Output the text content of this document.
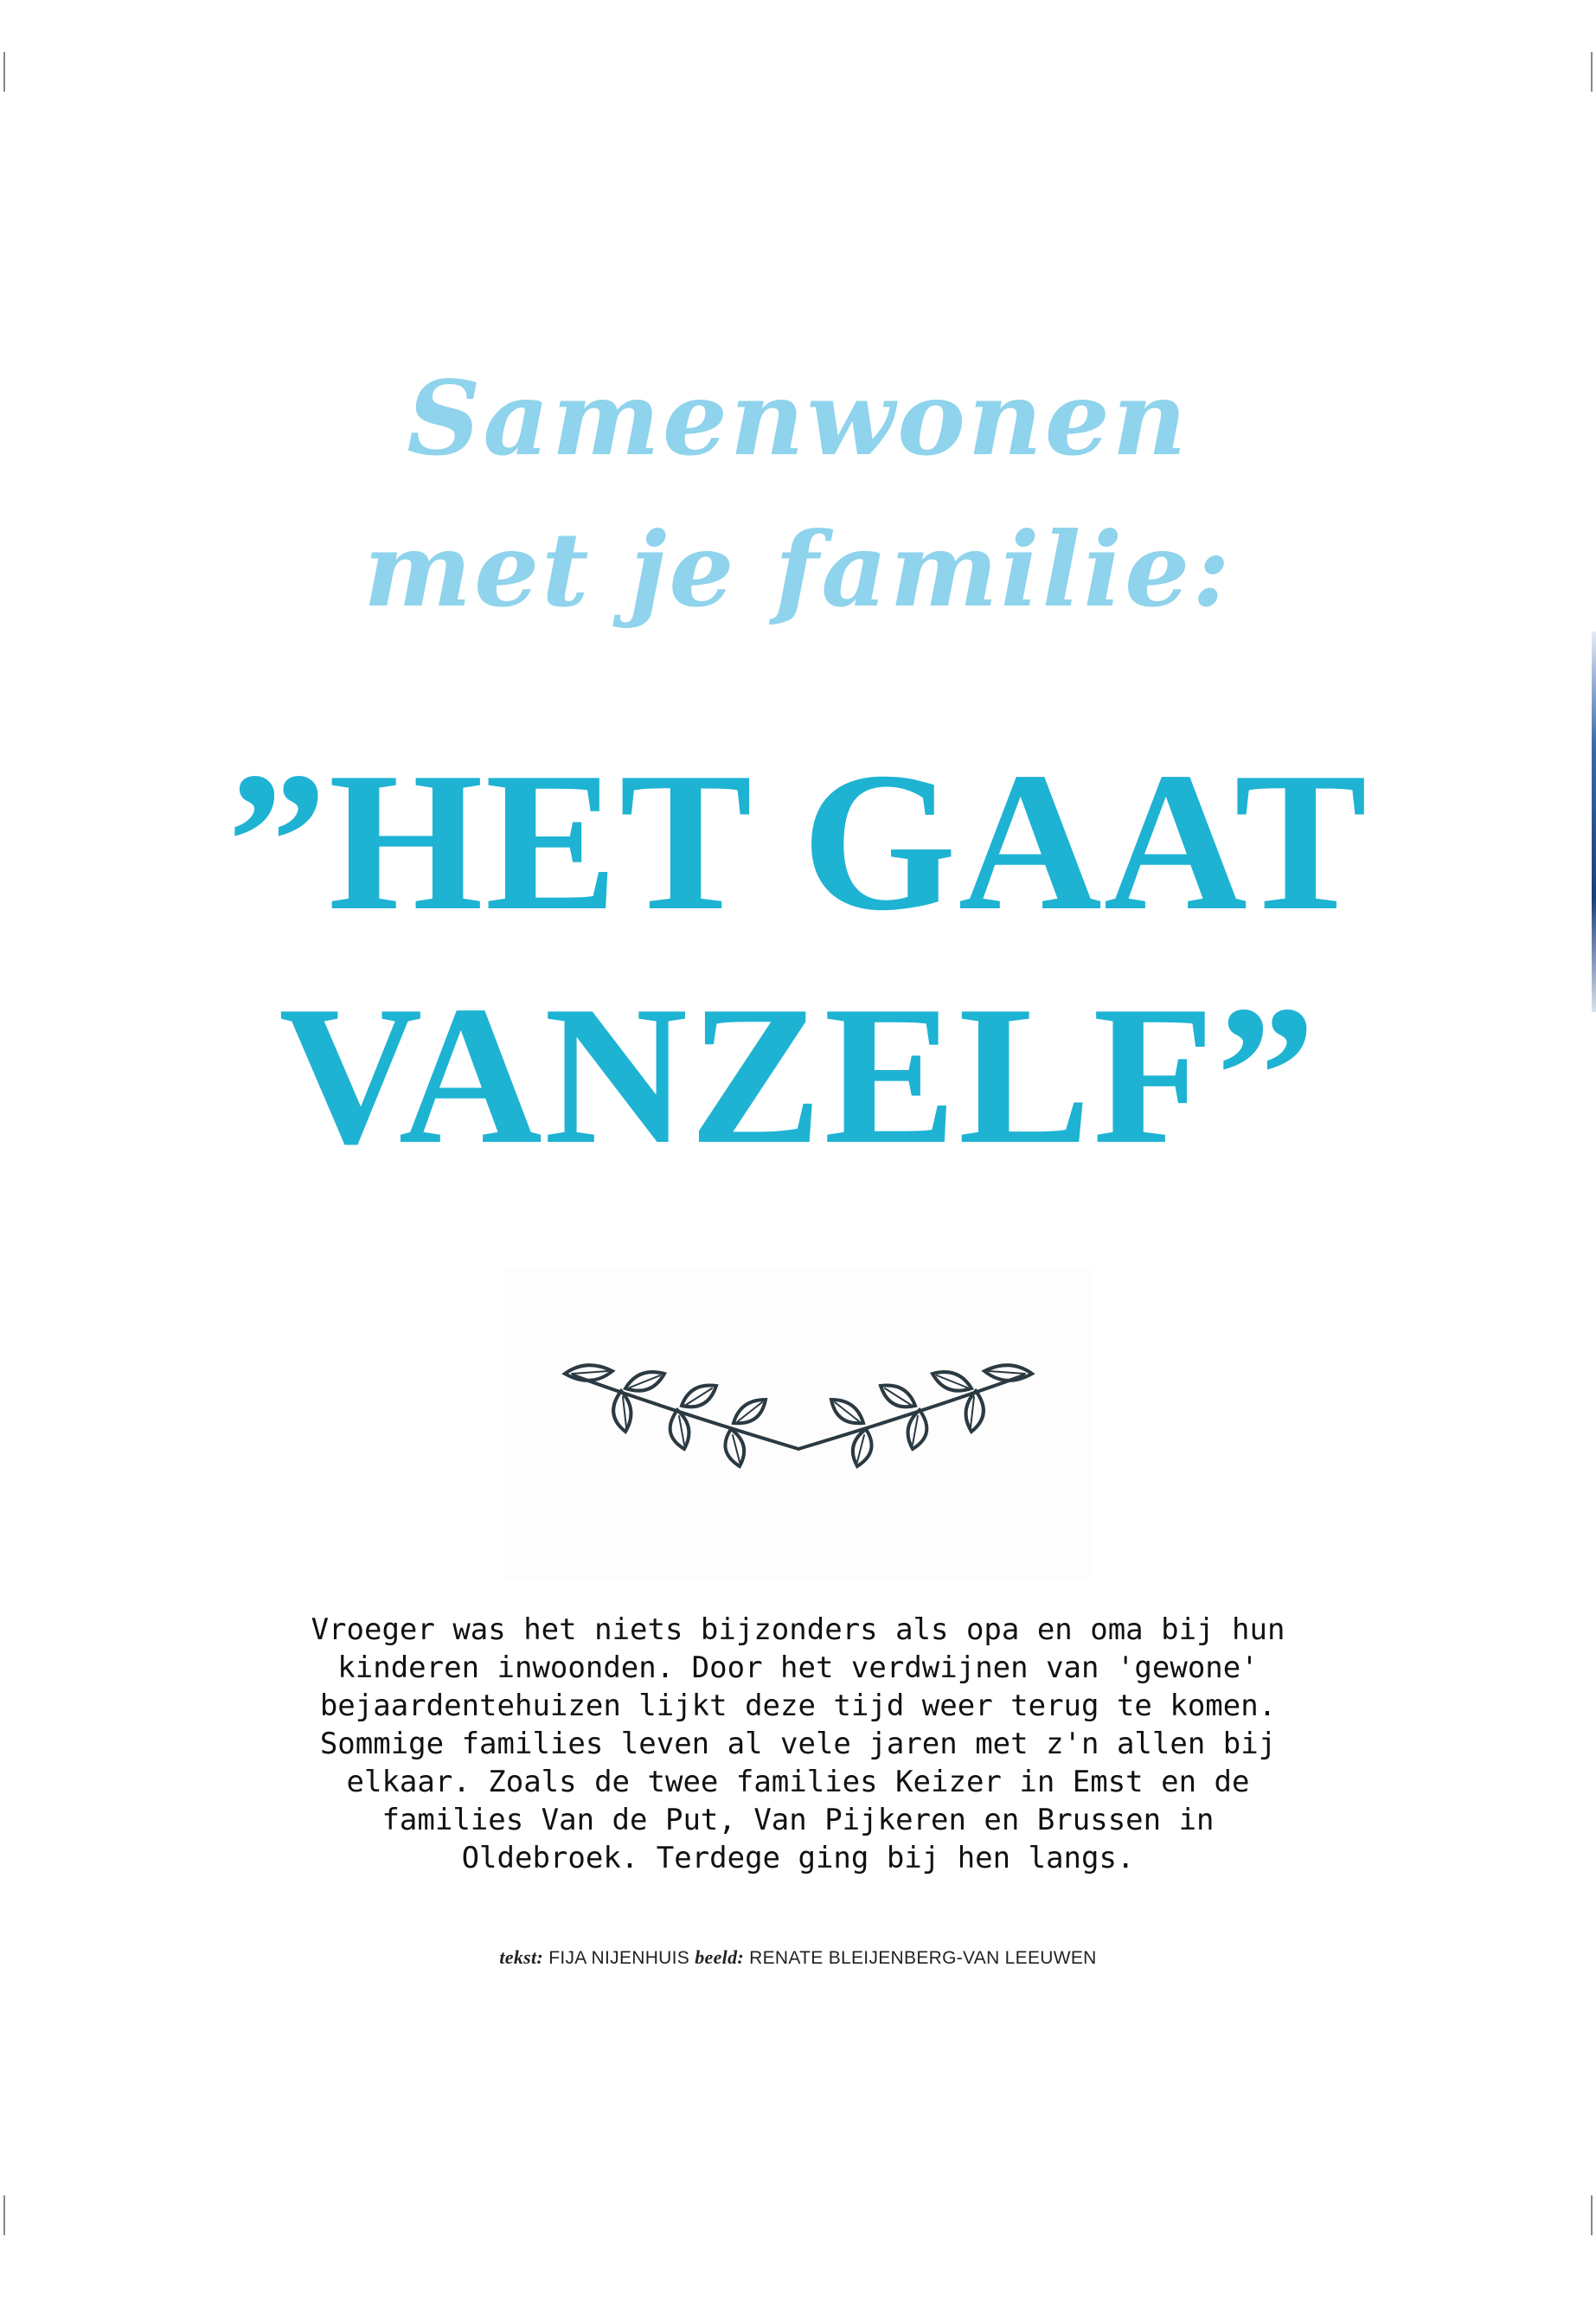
Samenwonen
met je familie:
”HET GAAT
VANZELF”

Vroeger was het niets bijzonders als opa en oma bij hun kinderen inwoonden. Door het verdwijnen van 'gewone' bejaardentehuizen lijkt deze tijd weer terug te komen. Sommige families leven al vele jaren met z'n allen bij elkaar. Zoals de twee families Keizer in Emst en de families Van de Put, Van Pijkeren en Brussen in Oldebroek. Terdege ging bij hen langs.

tekst: FIJA NIJENHUIS beeld: RENATE BLEIJENBERG-VAN LEEUWEN
